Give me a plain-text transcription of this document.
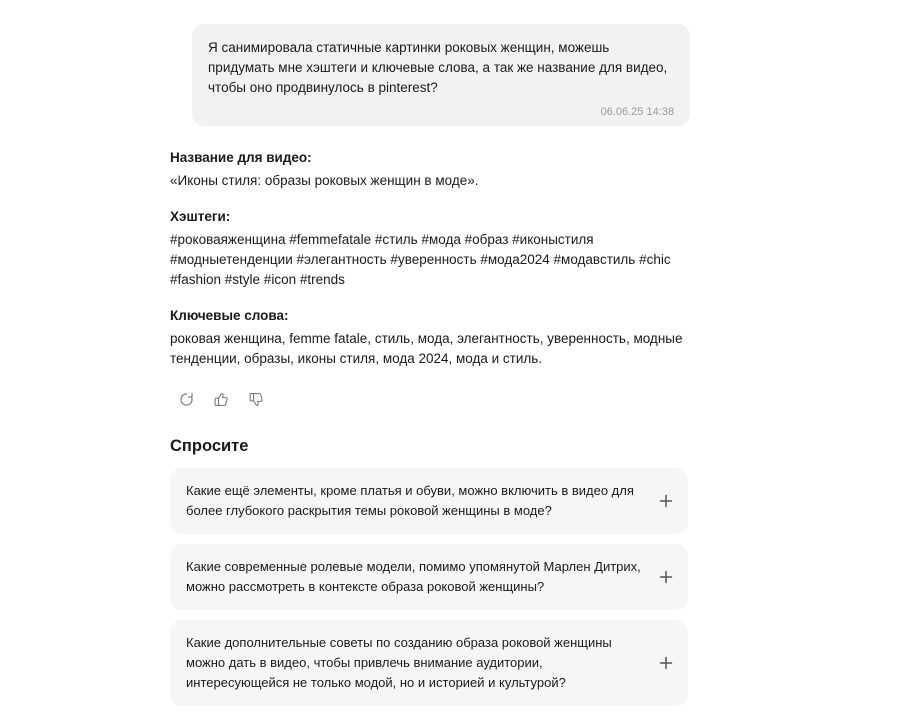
Я санимировала статичные картинки роковых женщин, можешь придумать мне хэштеги и ключевые слова, а так же название для видео, чтобы оно продвинулось в pinterest?
06.06.25 14:38
Название для видео:
«Иконы стиля: образы роковых женщин в моде».
Хэштеги:
#роковаяженщина #femmefatale #стиль #мода #образ #иконыстиля #модныетенденции #элегантность #уверенность #мода2024 #модавстиль #chic #fashion #style #icon #trends
Ключевые слова:
роковая женщина, femme fatale, стиль, мода, элегантность, уверенность, модные тенденции, образы, иконы стиля, мода 2024, мода и стиль.
Спросите
Какие ещё элементы, кроме платья и обуви, можно включить в видео для более глубокого раскрытия темы роковой женщины в моде?
Какие современные ролевые модели, помимо упомянутой Марлен Дитрих, можно рассмотреть в контексте образа роковой женщины?
Какие дополнительные советы по созданию образа роковой женщины можно дать в видео, чтобы привлечь внимание аудитории, интересующейся не только модой, но и историей и культурой?
